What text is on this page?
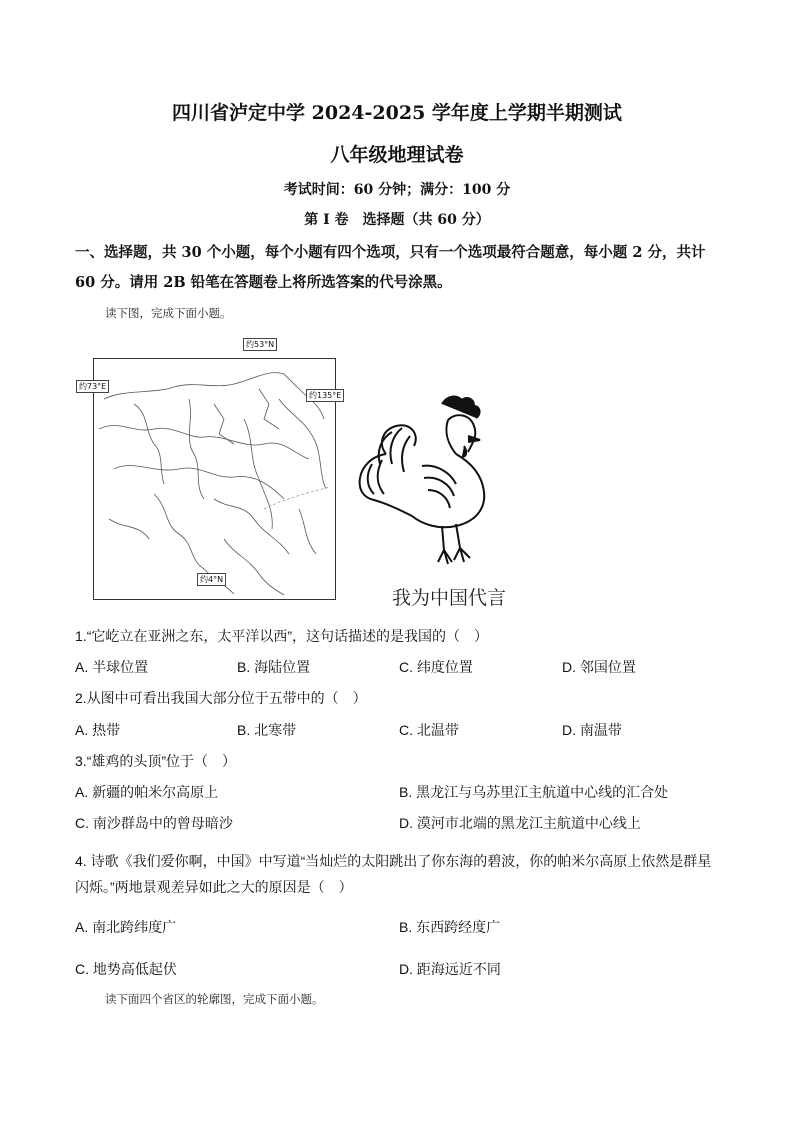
四川省泸定中学 2024-2025 学年度上学期半期测试
八年级地理试卷
考试时间：60 分钟；满分：100 分
第 I 卷　选择题（共 60 分）
一、选择题，共 30 个小题，每个小题有四个选项，只有一个选项最符合题意，每小题 2 分，共计 60 分。请用 2B 铅笔在答题卷上将所选答案的代号涂黑。
读下图，完成下面小题。
约53°N
约73°E
约135°E
约4°N
我为中国代言
1.“它屹立在亚洲之东，太平洋以西”，这句话描述的是我国的（　）
A. 半球位置	B. 海陆位置	C. 纬度位置	D. 邻国位置
2.从图中可看出我国大部分位于五带中的（　）
A. 热带	B. 北寒带	C. 北温带	D. 南温带
3.“雄鸡的头顶”位于（　）
A. 新疆的帕米尔高原上	B. 黑龙江与乌苏里江主航道中心线的汇合处
C. 南沙群岛中的曾母暗沙	D. 漠河市北端的黑龙江主航道中心线上
4. 诗歌《我们爱你啊，中国》中写道“当灿烂的太阳跳出了你东海的碧波，你的帕米尔高原上依然是群星闪烁。”两地景观差异如此之大的原因是（　）
A. 南北跨纬度广	B. 东西跨经度广
C. 地势高低起伏	D. 距海远近不同
读下面四个省区的轮廓图，完成下面小题。
